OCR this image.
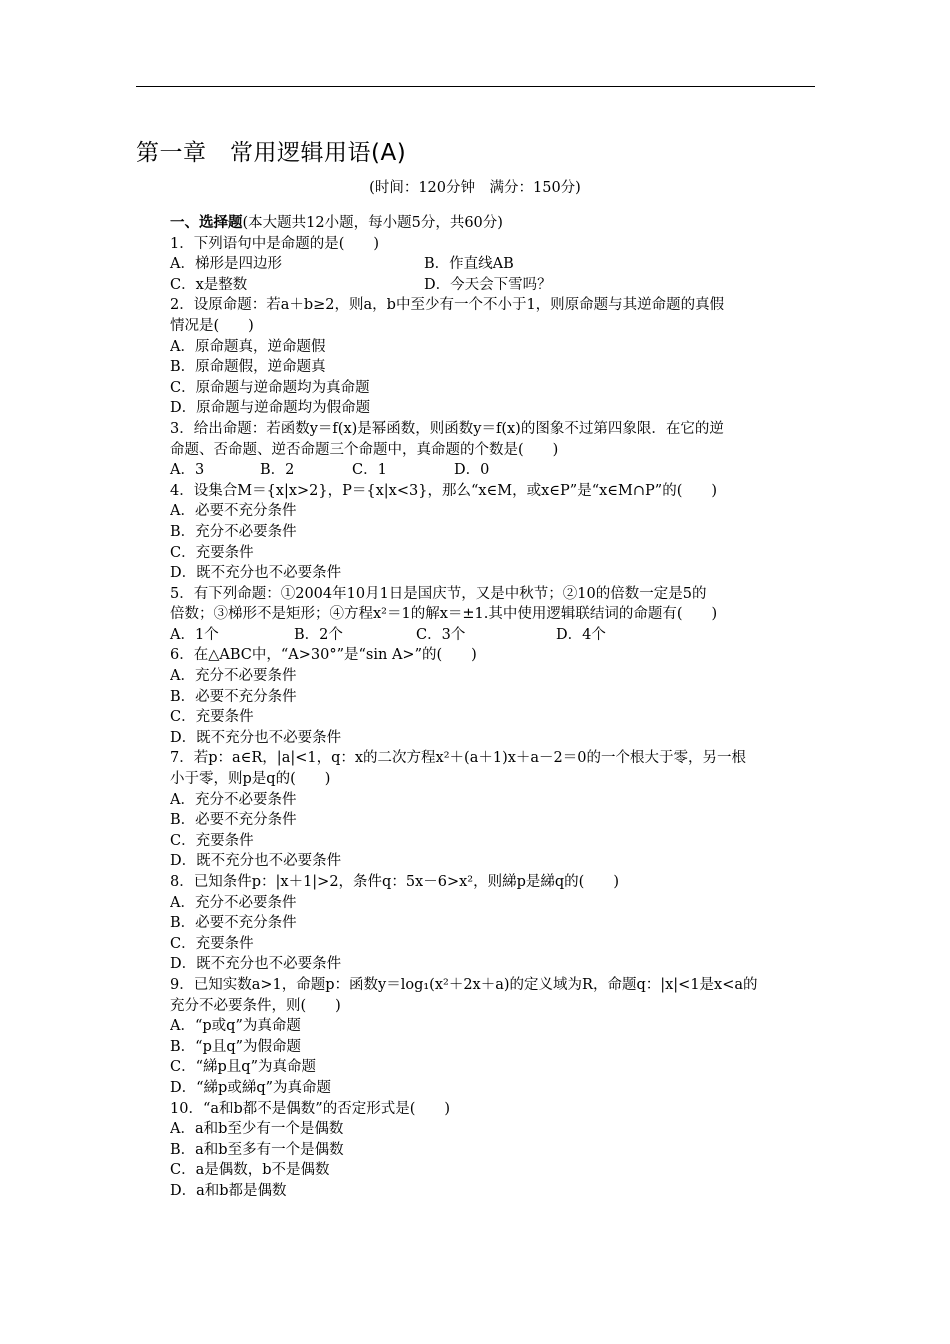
第一章　常用逻辑用语(A)
(时间：120分钟　满分：150分)
一、选择题(本大题共12小题，每小题5分，共60分)
1．下列语句中是命题的是(　　)
A．梯形是四边形	B．作直线AB
C．x是整数	D．今天会下雪吗？
2．设原命题：若a＋b≥2，则a，b中至少有一个不小于1，则原命题与其逆命题的真假
情况是(　　)
A．原命题真，逆命题假
B．原命题假，逆命题真
C．原命题与逆命题均为真命题
D．原命题与逆命题均为假命题
3．给出命题：若函数y＝f(x)是幂函数，则函数y＝f(x)的图象不过第四象限．在它的逆
命题、否命题、逆否命题三个命题中，真命题的个数是(　　)
A．3	B．2	C．1	D．0
4．设集合M＝{x|x>2}，P＝{x|x<3}，那么“x∈M，或x∈P”是“x∈M∩P”的(　　)
A．必要不充分条件
B．充分不必要条件
C．充要条件
D．既不充分也不必要条件
5．有下列命题：①2004年10月1日是国庆节，又是中秋节；②10的倍数一定是5的
倍数；③梯形不是矩形；④方程x²＝1的解x＝±1.其中使用逻辑联结词的命题有(　　)
A．1个	B．2个	C．3个	D．4个
6．在△ABC中，“A>30°”是“sin A>”的(　　)
A．充分不必要条件
B．必要不充分条件
C．充要条件
D．既不充分也不必要条件
7．若p：a∈R，|a|<1，q：x的二次方程x²＋(a＋1)x＋a－2＝0的一个根大于零，另一根
小于零，则p是q的(　　)
A．充分不必要条件
B．必要不充分条件
C．充要条件
D．既不充分也不必要条件
8．已知条件p：|x＋1|>2，条件q：5x－6>x²，则綈p是綈q的(　　)
A．充分不必要条件
B．必要不充分条件
C．充要条件
D．既不充分也不必要条件
9．已知实数a>1，命题p：函数y＝log₁(x²＋2x＋a)的定义域为R，命题q：|x|<1是x<a的
充分不必要条件，则(　　)
A．“p或q”为真命题
B．“p且q”为假命题
C．“綈p且q”为真命题
D．“綈p或綈q”为真命题
10．“a和b都不是偶数”的否定形式是(　　)
A．a和b至少有一个是偶数
B．a和b至多有一个是偶数
C．a是偶数，b不是偶数
D．a和b都是偶数
